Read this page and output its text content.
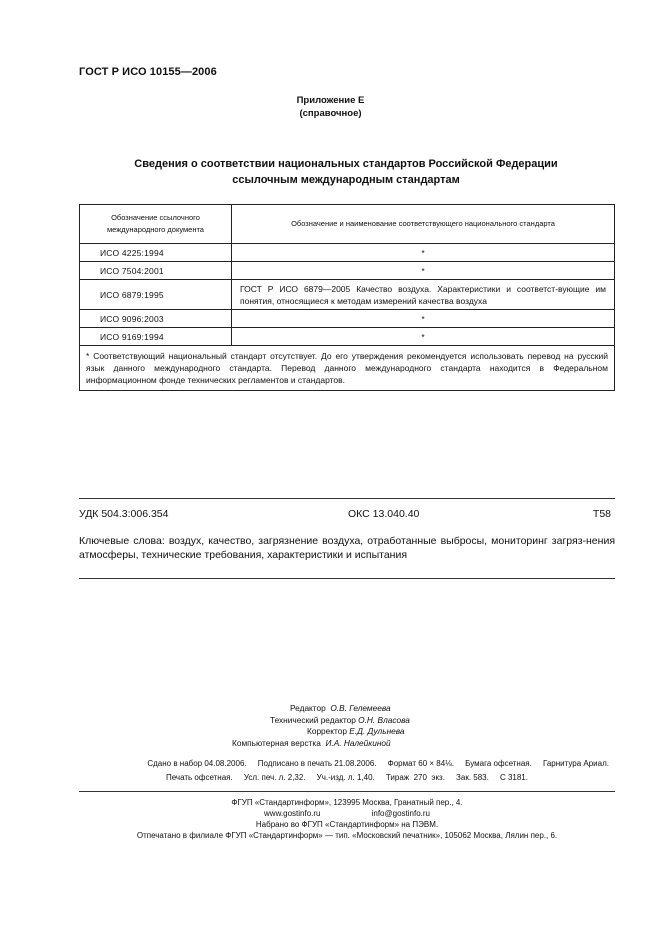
ГОСТ Р ИСО 10155—2006
Приложение Е
(справочное)
Сведения о соответствии национальных стандартов Российской Федерации
ссылочным международным стандартам
Обозначение ссылочного международного документа	Обозначение и наименование соответствующего национального стандарта
ИСО 4225:1994	*
ИСО 7504:2001	*
ИСО 6879:1995	ГОСТ Р ИСО 6879—2005 Качество воздуха. Характеристики и соответст-вующие им понятия, относящиеся к методам измерений качества воздуха
ИСО 9096:2003	*
ИСО 9169:1994	*
* Соответствующий национальный стандарт отсутствует. До его утверждения рекомендуется использовать перевод на русский язык данного международного стандарта. Перевод данного международного стандарта находится в Федеральном информационном фонде технических регламентов и стандартов.	
УДК 504.3:006.354	ОКС 13.040.40	Т58
Ключевые слова: воздух, качество, загрязнение воздуха, отработанные выбросы, мониторинг загряз-нения атмосферы, технические требования, характеристики и испытания
Редактор О.В. Гелемеева
Технический редактор О.Н. Власова
Корректор Е.Д. Дульнева
Компьютерная верстка И.А. Налейкиной
Сдано в набор 04.08.2006.     Подписано в печать 21.08.2006.     Формат 60 × 84⅛.     Бумага офсетная.     Гарнитура Ариал.
Печать офсетная.     Усл. печ. л. 2,32.     Уч.-изд. л. 1,40.     Тираж  270  экз.     Зак. 583.     С 3181.
ФГУП «Стандартинформ», 123995 Москва, Гранатный пер., 4.
www.gostinfo.ru                       info@gostinfo.ru
Набрано во ФГУП «Стандартинформ» на ПЭВМ.
Отпечатано в филиале ФГУП «Стандартинформ» — тип. «Московский печатник», 105062 Москва, Лялин пер., 6.
